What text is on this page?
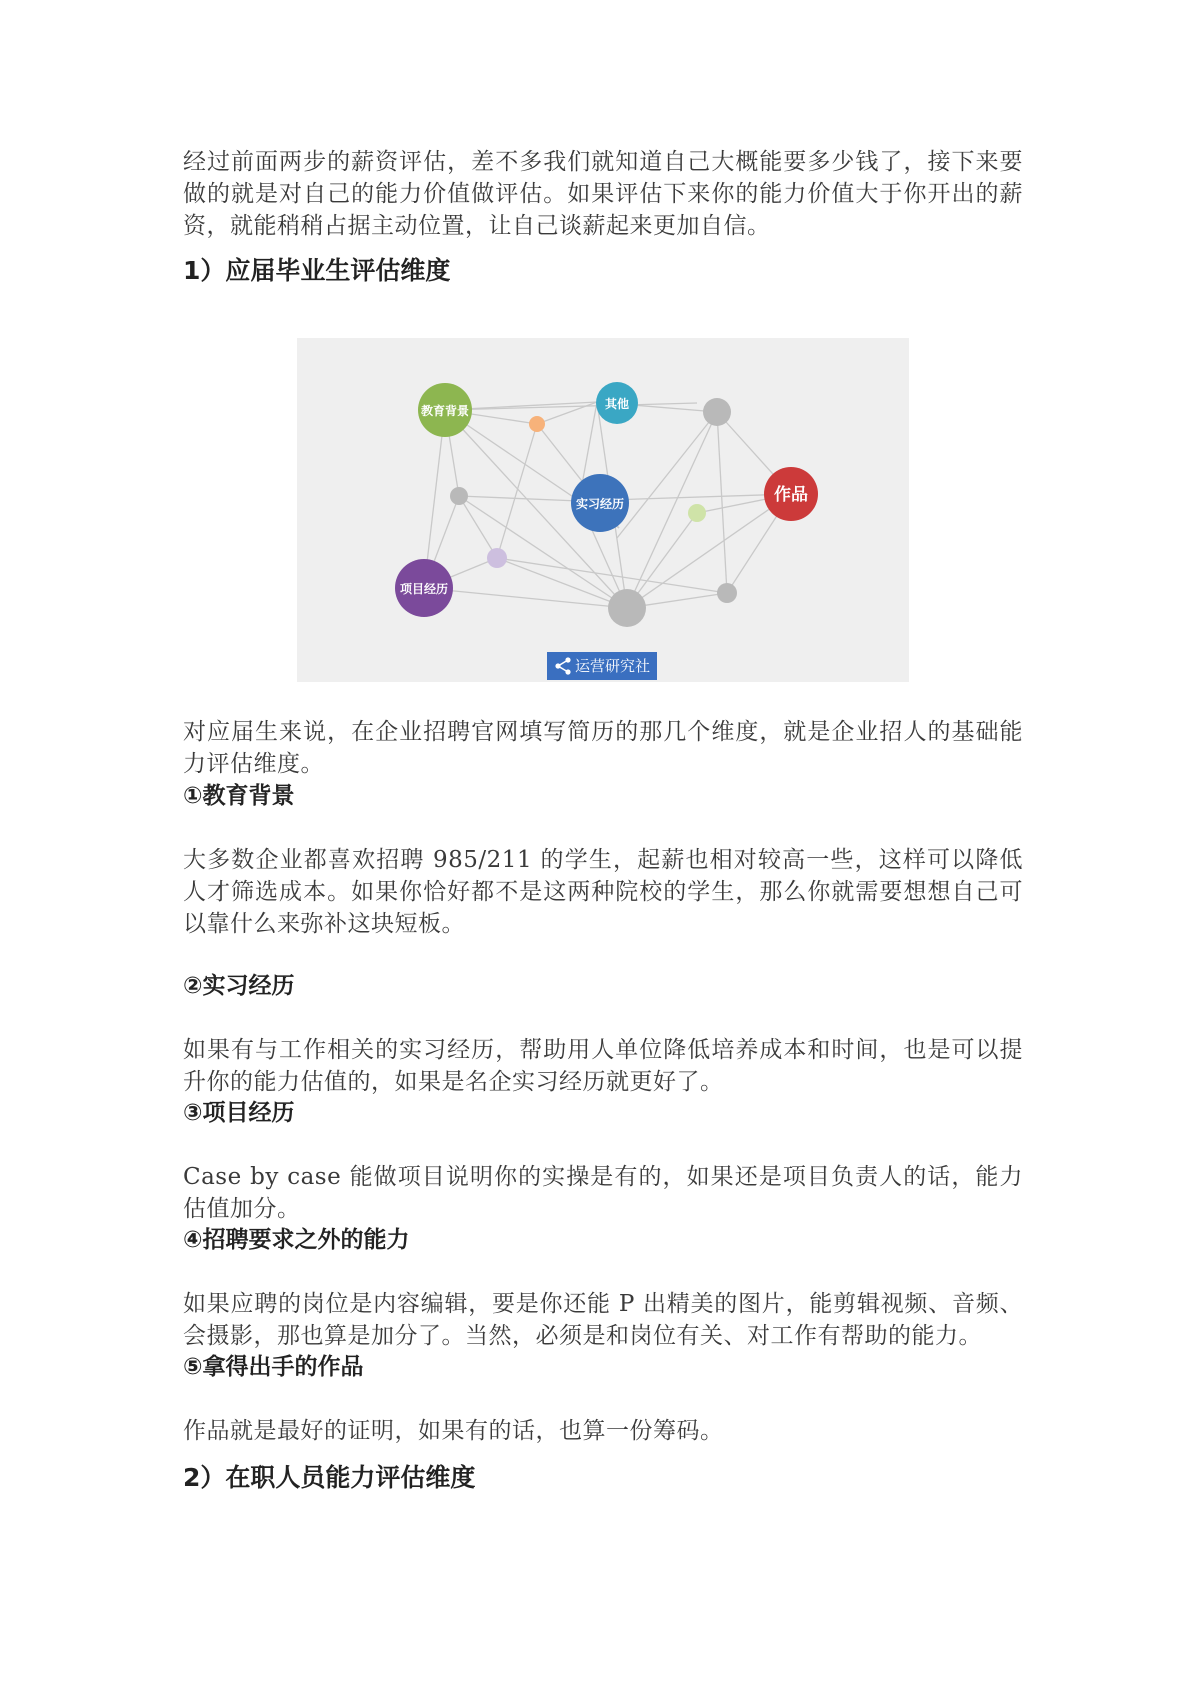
经过前面两步的薪资评估，差不多我们就知道自己大概能要多少钱了，接下来要做的就是对自己的能力价值做评估。如果评估下来你的能力价值大于你开出的薪资，就能稍稍占据主动位置，让自己谈薪起来更加自信。

1）应届毕业生评估维度
教育背景	其他
作品
实习经历
项目经历
运营研究社

对应届生来说，在企业招聘官网填写简历的那几个维度，就是企业招人的基础能力评估维度。

①教育背景

大多数企业都喜欢招聘 985/211 的学生，起薪也相对较高一些，这样可以降低人才筛选成本。如果你恰好都不是这两种院校的学生，那么你就需要想想自己可以靠什么来弥补这块短板。

②实习经历

如果有与工作相关的实习经历，帮助用人单位降低培养成本和时间，也是可以提升你的能力估值的，如果是名企实习经历就更好了。

③项目经历

Case by case 能做项目说明你的实操是有的，如果还是项目负责人的话，能力估值加分。

④招聘要求之外的能力

如果应聘的岗位是内容编辑，要是你还能 P 出精美的图片，能剪辑视频、音频、会摄影，那也算是加分了。当然，必须是和岗位有关、对工作有帮助的能力。

⑤拿得出手的作品

作品就是最好的证明，如果有的话，也算一份筹码。

2）在职人员能力评估维度
